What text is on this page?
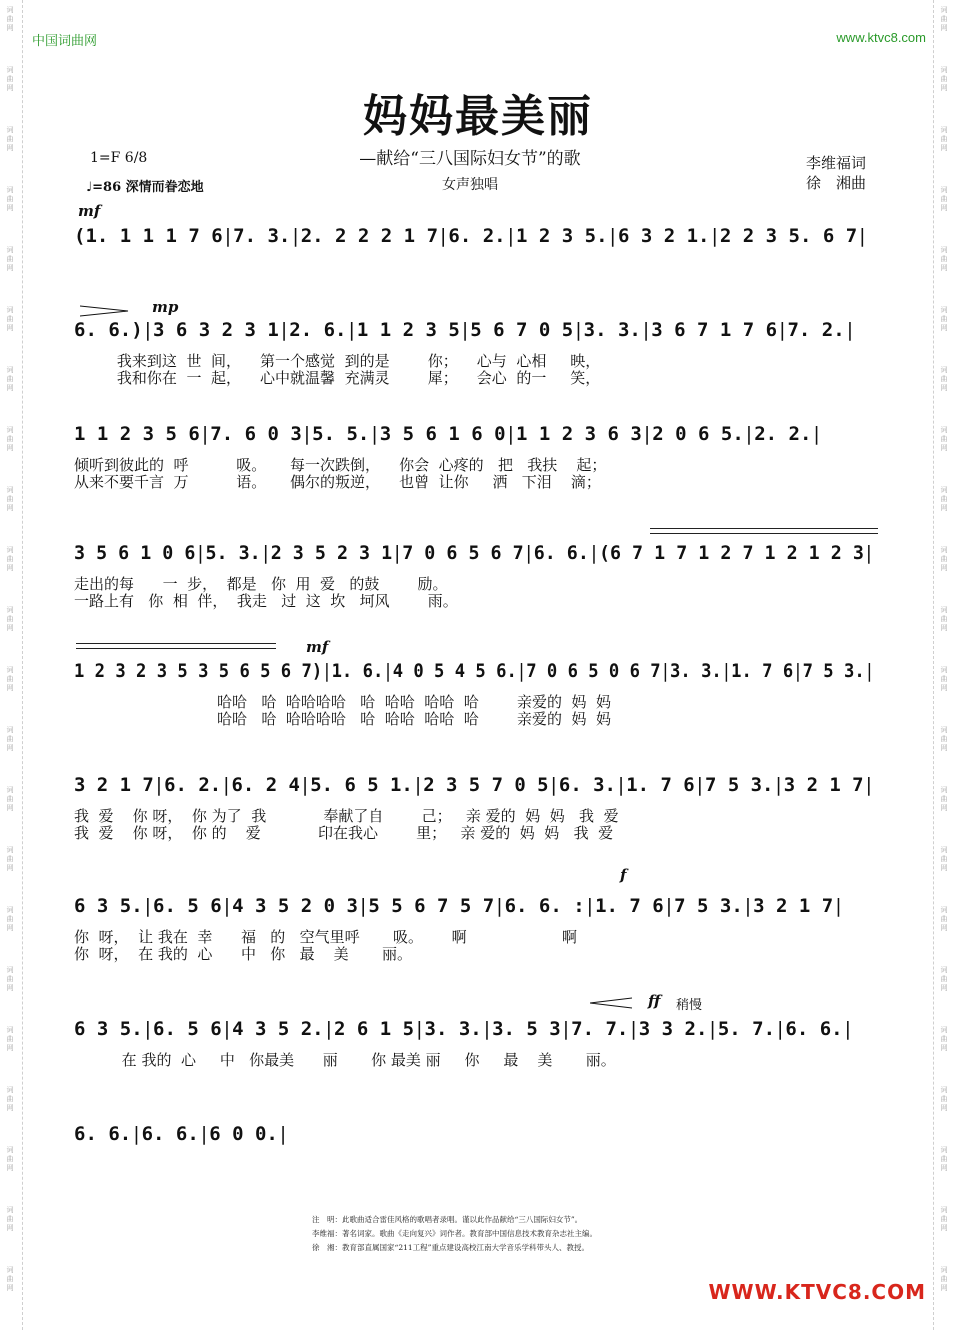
词
曲
网
词
曲
网
词
曲
网
词
曲
网
词
曲
网
词
曲
网
词
曲
网
词
曲
网
词
曲
网
词
曲
网
词
曲
网
词
曲
网
词
曲
网
词
曲
网
词
曲
网
词
曲
网
词
曲
网
词
曲
网
词
曲
网
词
曲
网
词
曲
网
词
曲
网
词
曲
网
词
曲
网
词
曲
网
词
曲
网
词
曲
网
词
曲
网
词
曲
网
词
曲
网
词
曲
网
词
曲
网
词
曲
网
词
曲
网
词
曲
网
词
曲
网
词
曲
网
词
曲
网
词
曲
网
词
曲
网
词
曲
网
词
曲
网
词
曲
网
词
曲
网
中国词曲网	www.ktvc8.com
妈妈最美丽
—献给“三八国际妇女节”的歌
女声独唱
1=F 6/8
♩=86 深情而眷恋地
李维福词
徐　湘曲
mf
mp
mf
f
ff 稍慢
(1. 1 1 1 7 6 | 7. 3. | 2. 2 2 2 1 7 | 6. 2. | 1 2 3 5. | 6 3 2 1. | 2 2 3 5. 6 7 |
6. 6.) | 3 6 3 2 3 1 | 2. 6. | 1 1 2 3 5 | 5 6 7 0 5 | 3. 3. | 3 6 7 1 7 6 | 7. 2. |
我来到这  世  间，    第一个感觉  到的是        你；    心与  心相     映，
我和你在  一  起，    心中就温馨  充满灵        犀；    会心  的一     笑，
1 1 2 3 5 6 | 7. 6 0 3 | 5. 5. | 3 5 6 1 6 0 | 1 1 2 3 6 3 | 2 0 6 5. | 2. 2. |
倾听到彼此的  呼          吸。     每一次跌倒，    你会  心疼的   把   我扶    起；
从来不要千言  万          语。     偶尔的叛逆，    也曾  让你     洒   下泪    滴；
3 5 6 1 0 6 | 5. 3. | 2 3 5 2 3 1 | 7 0 6 5 6 7 | 6. 6. | (6 7 1 7 1 2 7 1 2 1 2 3 |
走出的每      一  步，  都是   你  用  爱   的鼓        励。
一路上有   你  相  伴，  我走   过  这  坎   坷风        雨。
1 2 3 2 3 5 3 5 6 5 6 7) | 1. 6. | 4 0 5 4 5 6. | 7 0 6 5 0 6 7 | 3. 3. | 1. 7 6 | 7 5 3. |
哈哈   哈  哈哈哈哈   哈  哈哈  哈哈  哈        亲爱的  妈  妈
哈哈   哈  哈哈哈哈   哈  哈哈  哈哈  哈        亲爱的  妈  妈
3 2 1 7 | 6. 2. | 6. 2 4 | 5. 6 5 1. | 2 3 5 7 0 5 | 6. 3. | 1. 7 6 | 7 5 3. | 3 2 1 7 |
我  爱    你 呀，  你 为了  我            奉献了自        己；   亲 爱的  妈  妈   我  爱
我  爱    你 呀，  你 的    爱            印在我心        里；   亲 爱的  妈  妈   我  爱
6 3 5. | 6. 5 6 | 4 3 5 2 0 3 | 5 5 6 7 5 7 | 6. 6. : | 1. 7 6 | 7 5 3. | 3 2 1 7 |
你  呀，  让 我在  幸      福   的   空气里呼       吸。      啊                    啊
你  呀，  在 我的  心      中   你   最    美       丽。
6 3 5. | 6. 5 6 | 4 3 5 2. | 2 6 1 5 | 3. 3. | 3. 5 3 | 7. 7. | 3 3 2. | 5. 7. | 6. 6. |
在 我的  心     中   你最美      丽       你 最美 丽     你     最    美       丽。
6. 6. | 6. 6. | 6 0 0. |
注　明：此歌曲适合雷佳风格的歌唱者录唱。谨以此作品献给“三八国际妇女节”。
李维福：著名词家。歌曲《走向复兴》词作者。教育部中国信息技术教育杂志社主编。
徐　湘：教育部直属国家“211工程”重点建设高校江南大学音乐学科带头人、教授。
WWW.KTVC8.COM
